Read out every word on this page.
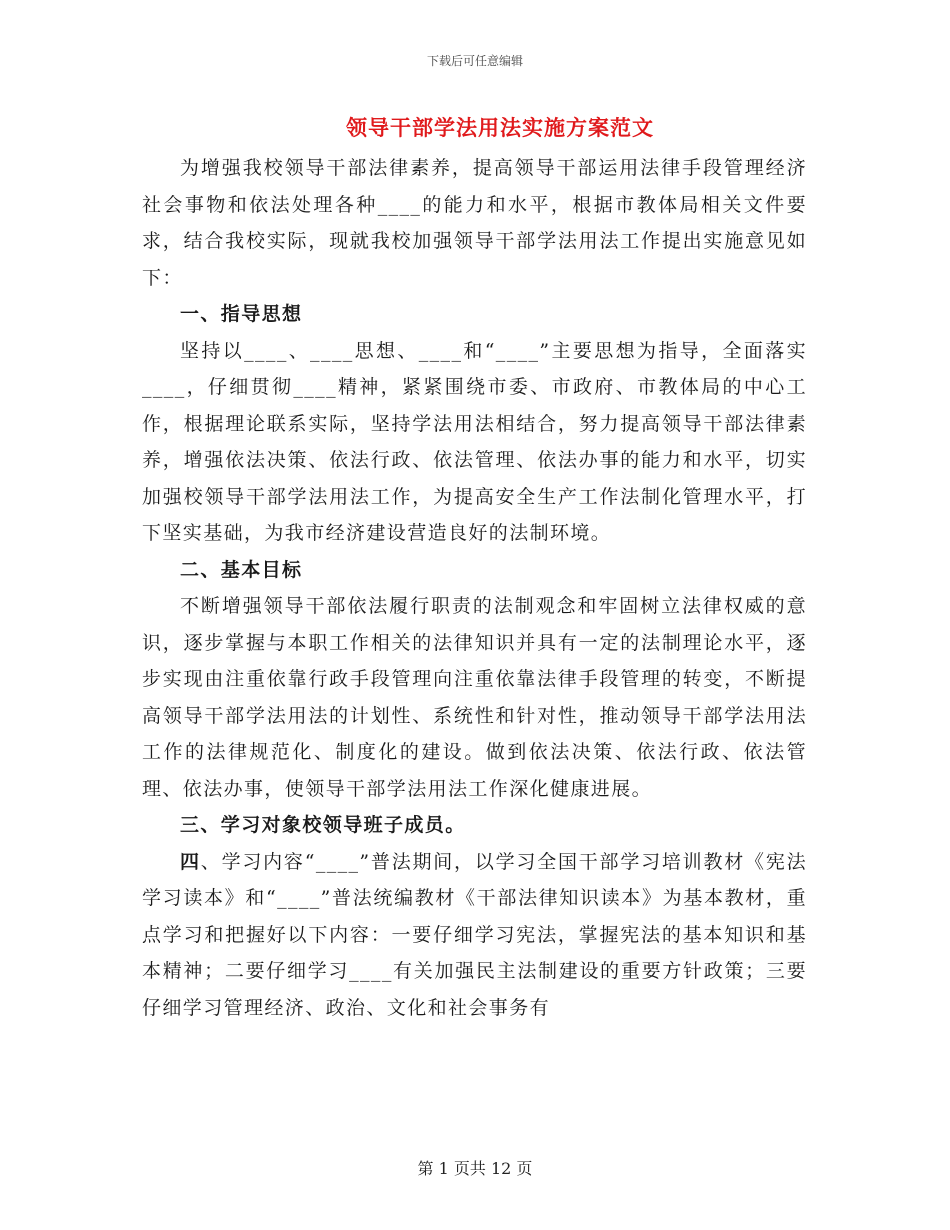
下载后可任意编辑
领导干部学法用法实施方案范文

为增强我校领导干部法律素养，提高领导干部运用法律手段管理经济社会事物和依法处理各种____的能力和水平，根据市教体局相关文件要求，结合我校实际，现就我校加强领导干部学法用法工作提出实施意见如下：

一、指导思想

坚持以____、____思想、____和“____”主要思想为指导，全面落实____，仔细贯彻____精神，紧紧围绕市委、市政府、市教体局的中心工作，根据理论联系实际，坚持学法用法相结合，努力提高领导干部法律素养，增强依法决策、依法行政、依法管理、依法办事的能力和水平，切实加强校领导干部学法用法工作，为提高安全生产工作法制化管理水平，打下坚实基础，为我市经济建设营造良好的法制环境。

二、基本目标

不断增强领导干部依法履行职责的法制观念和牢固树立法律权威的意识，逐步掌握与本职工作相关的法律知识并具有一定的法制理论水平，逐步实现由注重依靠行政手段管理向注重依靠法律手段管理的转变，不断提高领导干部学法用法的计划性、系统性和针对性，推动领导干部学法用法工作的法律规范化、制度化的建设。做到依法决策、依法行政、依法管理、依法办事，使领导干部学法用法工作深化健康进展。

三、学习对象校领导班子成员。

四、学习内容“____”普法期间，以学习全国干部学习培训教材《宪法学习读本》和“____”普法统编教材《干部法律知识读本》为基本教材，重点学习和把握好以下内容：一要仔细学习宪法，掌握宪法的基本知识和基本精神；二要仔细学习____有关加强民主法制建设的重要方针政策；三要仔细学习管理经济、政治、文化和社会事务有

第 1 页共 12 页
